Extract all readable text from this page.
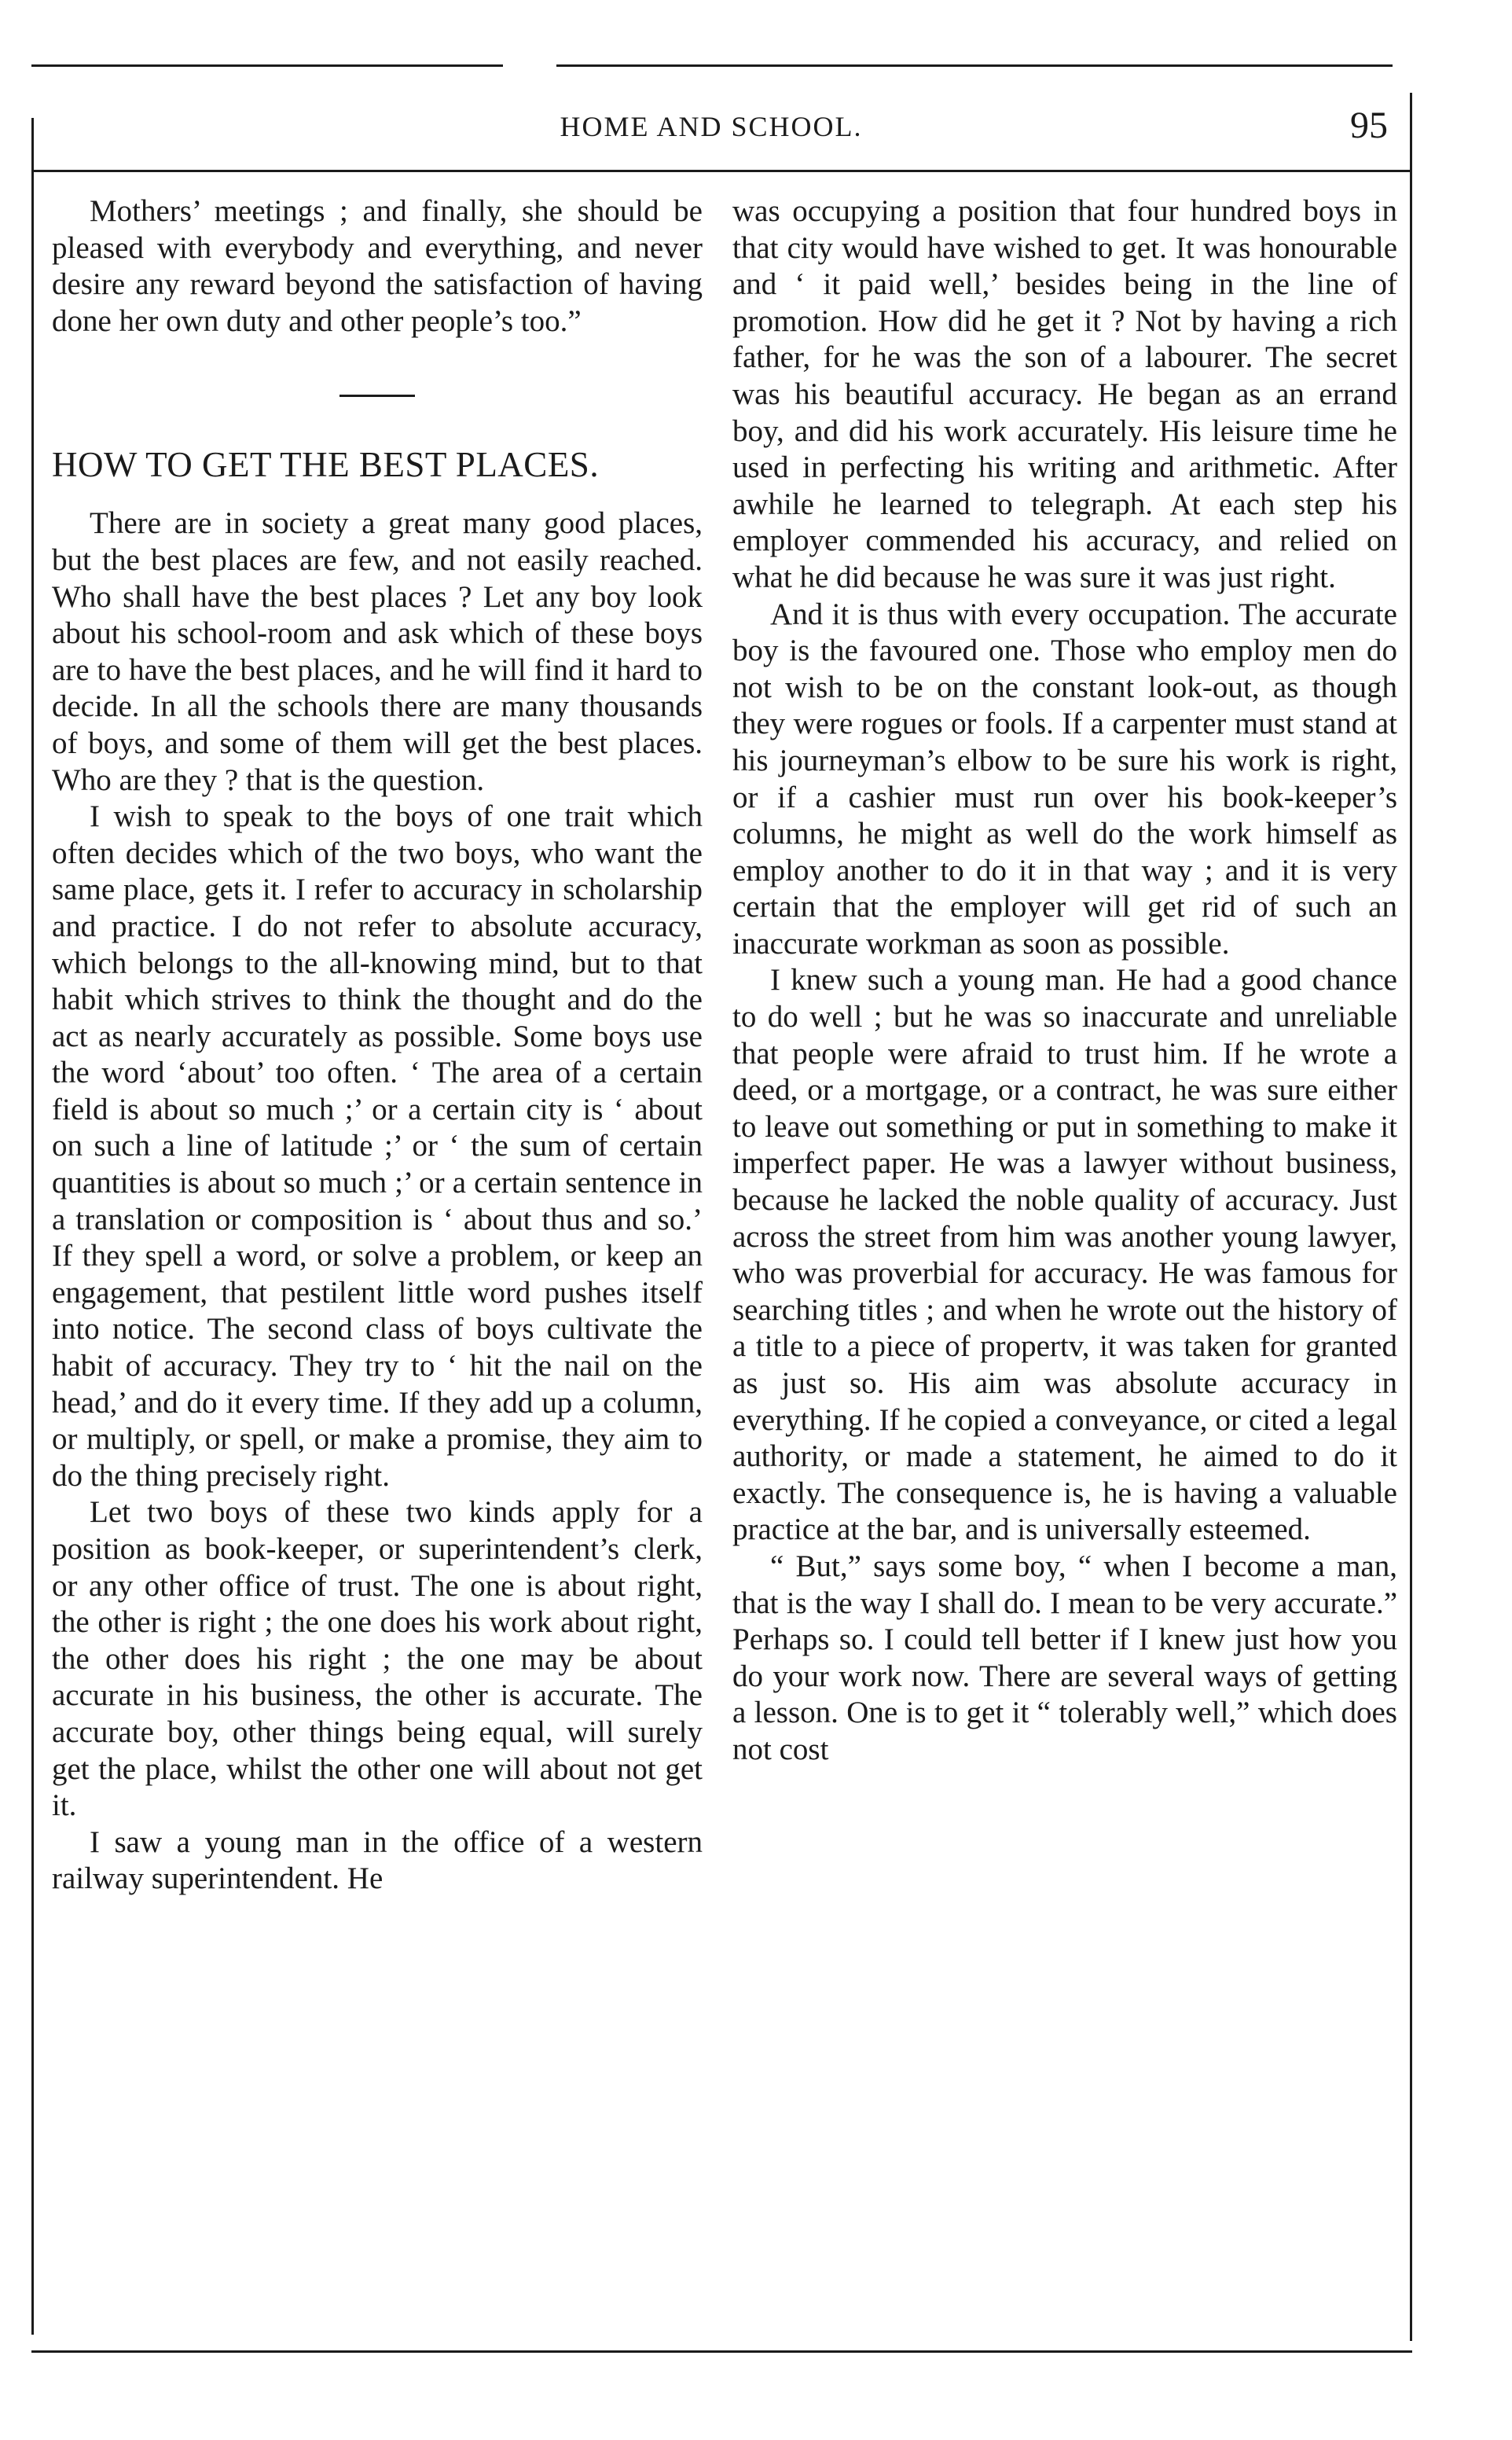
HOME AND SCHOOL.	95

Mothers’ meetings ; and finally, she should be pleased with everybody and everything, and never desire any reward beyond the satisfaction of having done her own duty and other people’s too.”

HOW TO GET THE BEST PLACES.

There are in society a great many good places, but the best places are few, and not easily reached. Who shall have the best places ? Let any boy look about his school-room and ask which of these boys are to have the best places, and he will find it hard to decide. In all the schools there are many thousands of boys, and some of them will get the best places. Who are they ? that is the question.

I wish to speak to the boys of one trait which often decides which of the two boys, who want the same place, gets it. I refer to accuracy in scholarship and practice. I do not refer to absolute accuracy, which belongs to the all-knowing mind, but to that habit which strives to think the thought and do the act as nearly accurately as possible. Some boys use the word ‘about’ too often. ‘ The area of a certain field is about so much ;’ or a certain city is ‘ about on such a line of latitude ;’ or ‘ the sum of certain quantities is about so much ;’ or a certain sentence in a translation or composition is ‘ about thus and so.’ If they spell a word, or solve a problem, or keep an engagement, that pestilent little word pushes itself into notice. The second class of boys cultivate the habit of accuracy. They try to ‘ hit the nail on the head,’ and do it every time. If they add up a column, or multiply, or spell, or make a promise, they aim to do the thing precisely right.

Let two boys of these two kinds apply for a position as book-keeper, or superintendent’s clerk, or any other office of trust. The one is about right, the other is right ; the one does his work about right, the other does his right ; the one may be about accurate in his business, the other is accurate. The accurate boy, other things being equal, will surely get the place, whilst the other one will about not get it.

I saw a young man in the office of a western railway superintendent. He

was occupying a position that four hundred boys in that city would have wished to get. It was honourable and ‘ it paid well,’ besides being in the line of promotion. How did he get it ? Not by having a rich father, for he was the son of a labourer. The secret was his beautiful accuracy. He began as an errand boy, and did his work accurately. His leisure time he used in perfecting his writing and arithmetic. After awhile he learned to telegraph. At each step his employer commended his accuracy, and relied on what he did because he was sure it was just right.

And it is thus with every occupation. The accurate boy is the favoured one. Those who employ men do not wish to be on the constant look-out, as though they were rogues or fools. If a carpenter must stand at his journeyman’s elbow to be sure his work is right, or if a cashier must run over his book-keeper’s columns, he might as well do the work himself as employ another to do it in that way ; and it is very certain that the employer will get rid of such an inaccurate workman as soon as possible.

I knew such a young man. He had a good chance to do well ; but he was so inaccurate and unreliable that people were afraid to trust him. If he wrote a deed, or a mortgage, or a contract, he was sure either to leave out something or put in something to make it imperfect paper. He was a lawyer without business, because he lacked the noble quality of accuracy. Just across the street from him was another young lawyer, who was proverbial for accuracy. He was famous for searching titles ; and when he wrote out the history of a title to a piece of propertv, it was taken for granted as just so. His aim was absolute accuracy in everything. If he copied a conveyance, or cited a legal authority, or made a statement, he aimed to do it exactly. The consequence is, he is having a valuable practice at the bar, and is universally esteemed.

“ But,” says some boy, “ when I become a man, that is the way I shall do. I mean to be very accurate.” Perhaps so. I could tell better if I knew just how you do your work now. There are several ways of getting a lesson. One is to get it “ tolerably well,” which does not cost
